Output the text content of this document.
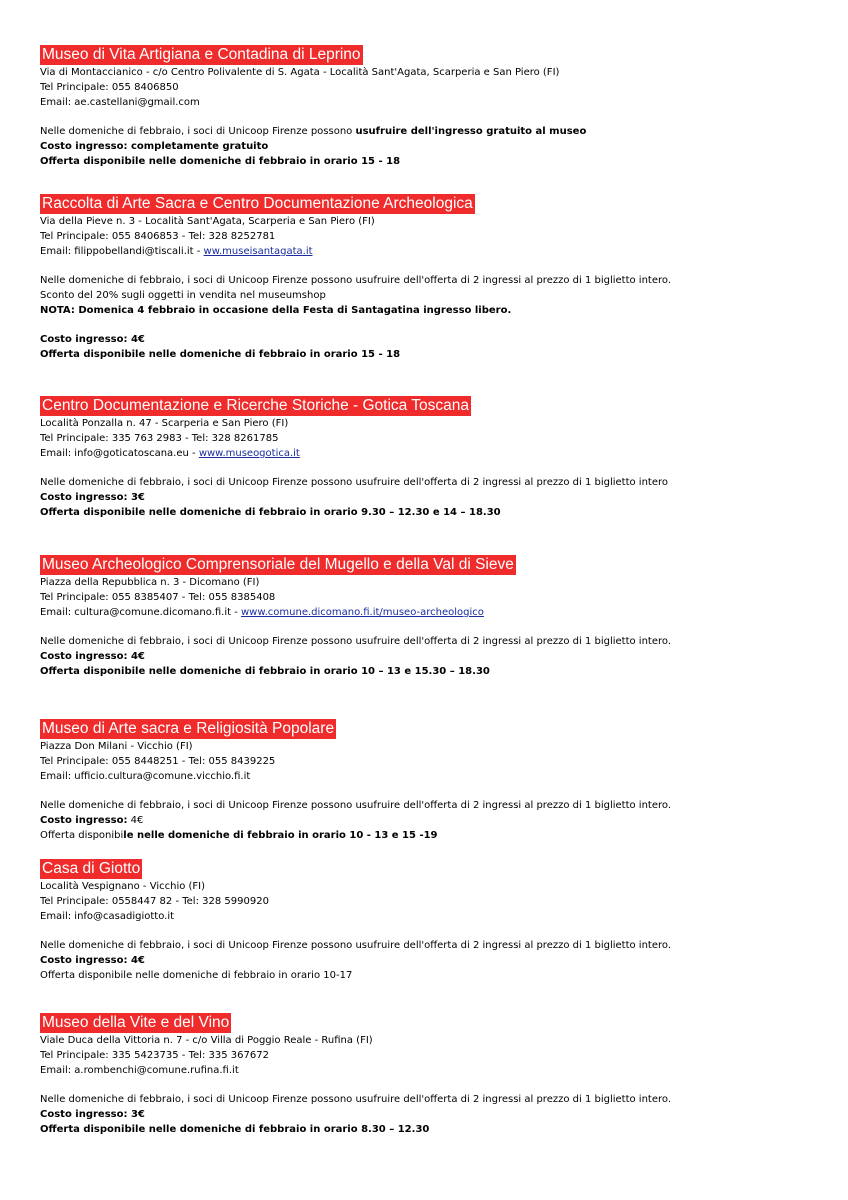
Museo di Vita Artigiana e Contadina di Leprino
Via di Montaccianico - c/o Centro Polivalente di S. Agata - Località Sant'Agata, Scarperia e San Piero (FI)
Tel Principale: 055 8406850
Email: ae.castellani@gmail.com
Nelle domeniche di febbraio, i soci di Unicoop Firenze possono usufruire dell'ingresso gratuito al museo
Costo ingresso: completamente gratuito
Offerta disponibile nelle domeniche di febbraio in orario 15 - 18
Raccolta di Arte Sacra e Centro Documentazione Archeologica
Via della Pieve n. 3 - Località Sant'Agata, Scarperia e San Piero (FI)
Tel Principale: 055 8406853 - Tel: 328 8252781
Email: filippobellandi@tiscali.it - ww.museisantagata.it
Nelle domeniche di febbraio, i soci di Unicoop Firenze possono usufruire dell'offerta di 2 ingressi al prezzo di 1 biglietto intero.
Sconto del 20% sugli oggetti in vendita nel museumshop
NOTA: Domenica 4 febbraio in occasione della Festa di Santagatina ingresso libero.
Costo ingresso: 4€
Offerta disponibile nelle domeniche di febbraio in orario 15 - 18
Centro Documentazione e Ricerche Storiche - Gotica Toscana
Località Ponzalla n. 47 - Scarperia e San Piero (FI)
Tel Principale: 335 763 2983 - Tel: 328 8261785
Email: info@goticatoscana.eu - www.museogotica.it
Nelle domeniche di febbraio, i soci di Unicoop Firenze possono usufruire dell'offerta di 2 ingressi al prezzo di 1 biglietto intero
Costo ingresso: 3€
Offerta disponibile nelle domeniche di febbraio in orario 9.30 – 12.30 e 14 – 18.30
Museo Archeologico Comprensoriale del Mugello e della Val di Sieve
Piazza della Repubblica n. 3 - Dicomano (FI)
Tel Principale: 055 8385407 - Tel: 055 8385408
Email: cultura@comune.dicomano.fi.it - www.comune.dicomano.fi.it/museo-archeologico
Nelle domeniche di febbraio, i soci di Unicoop Firenze possono usufruire dell'offerta di 2 ingressi al prezzo di 1 biglietto intero.
Costo ingresso: 4€
Offerta disponibile nelle domeniche di febbraio in orario 10 – 13 e 15.30 – 18.30
Museo di Arte sacra e Religiosità Popolare
Piazza Don Milani - Vicchio (FI)
Tel Principale: 055 8448251 - Tel: 055 8439225
Email: ufficio.cultura@comune.vicchio.fi.it
Nelle domeniche di febbraio, i soci di Unicoop Firenze possono usufruire dell'offerta di 2 ingressi al prezzo di 1 biglietto intero.
Costo ingresso: 4€
Offerta disponibile nelle domeniche di febbraio in orario 10 - 13 e 15 -19
Casa di Giotto
Località Vespignano - Vicchio (FI)
Tel Principale: 0558447 82 - Tel: 328 5990920
Email: info@casadigiotto.it
Nelle domeniche di febbraio, i soci di Unicoop Firenze possono usufruire dell'offerta di 2 ingressi al prezzo di 1 biglietto intero.
Costo ingresso: 4€
Offerta disponibile nelle domeniche di febbraio in orario 10-17
Museo della Vite e del Vino
Viale Duca della Vittoria n. 7 - c/o Villa di Poggio Reale - Rufina (FI)
Tel Principale: 335 5423735 - Tel: 335 367672
Email: a.rombenchi@comune.rufina.fi.it
Nelle domeniche di febbraio, i soci di Unicoop Firenze possono usufruire dell'offerta di 2 ingressi al prezzo di 1 biglietto intero.
Costo ingresso: 3€
Offerta disponibile nelle domeniche di febbraio in orario 8.30 – 12.30
